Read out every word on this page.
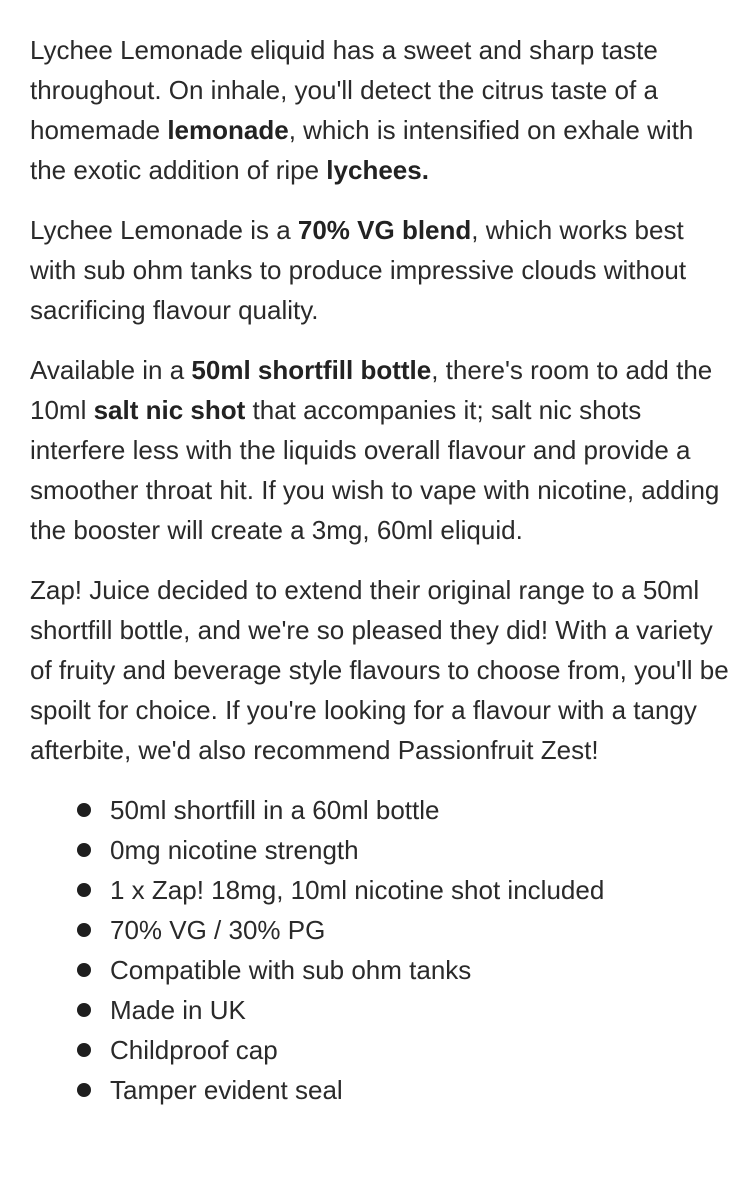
Lychee Lemonade eliquid has a sweet and sharp taste throughout. On inhale, you'll detect the citrus taste of a homemade lemonade, which is intensified on exhale with the exotic addition of ripe lychees.

Lychee Lemonade is a 70% VG blend, which works best with sub ohm tanks to produce impressive clouds without sacrificing flavour quality.

Available in a 50ml shortfill bottle, there's room to add the 10ml salt nic shot that accompanies it; salt nic shots interfere less with the liquids overall flavour and provide a smoother throat hit. If you wish to vape with nicotine, adding the booster will create a 3mg, 60ml eliquid.

Zap! Juice decided to extend their original range to a 50ml shortfill bottle, and we're so pleased they did! With a variety of fruity and beverage style flavours to choose from, you'll be spoilt for choice. If you're looking for a flavour with a tangy afterbite, we'd also recommend Passionfruit Zest!

50ml shortfill in a 60ml bottle
0mg nicotine strength
1 x Zap! 18mg, 10ml nicotine shot included
70% VG / 30% PG
Compatible with sub ohm tanks
Made in UK
Childproof cap
Tamper evident seal
